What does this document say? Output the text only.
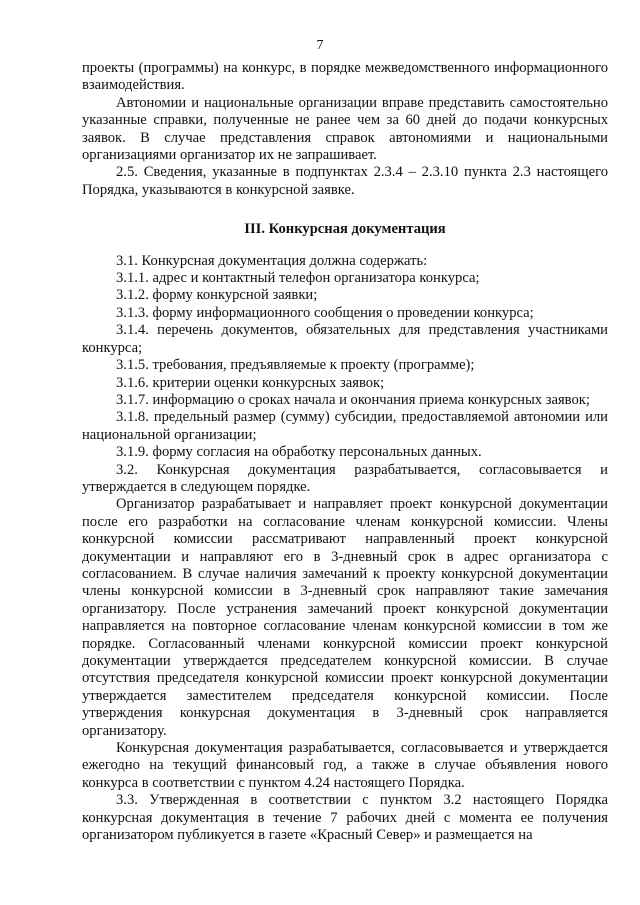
7

проекты (программы) на конкурс, в порядке межведомственного информационного взаимодействия.

Автономии и национальные организации вправе представить самостоятельно указанные справки, полученные не ранее чем за 60 дней до подачи конкурсных заявок. В случае представления справок автономиями и национальными организациями организатор их не запрашивает.

2.5. Сведения, указанные в подпунктах 2.3.4 – 2.3.10 пункта 2.3 настоящего Порядка, указываются в конкурсной заявке.

III. Конкурсная документация

3.1. Конкурсная документация должна содержать:

3.1.1. адрес и контактный телефон организатора конкурса;

3.1.2. форму конкурсной заявки;

3.1.3. форму информационного сообщения о проведении конкурса;

3.1.4. перечень документов, обязательных для представления участниками конкурса;

3.1.5. требования, предъявляемые к проекту (программе);

3.1.6. критерии оценки конкурсных заявок;

3.1.7. информацию о сроках начала и окончания приема конкурсных заявок;

3.1.8. предельный размер (сумму) субсидии, предоставляемой автономии или национальной организации;

3.1.9. форму согласия на обработку персональных данных.

3.2. Конкурсная документация разрабатывается, согласовывается и утверждается в следующем порядке.

Организатор разрабатывает и направляет проект конкурсной документации после его разработки на согласование членам конкурсной комиссии. Члены конкурсной комиссии рассматривают направленный проект конкурсной документации и направляют его в 3-дневный срок в адрес организатора с согласованием. В случае наличия замечаний к проекту конкурсной документации члены конкурсной комиссии в 3-дневный срок направляют такие замечания организатору. После устранения замечаний проект конкурсной документации направляется на повторное согласование членам конкурсной комиссии в том же порядке. Согласованный членами конкурсной комиссии проект конкурсной документации утверждается председателем конкурсной комиссии. В случае отсутствия председателя конкурсной комиссии проект конкурсной документации утверждается заместителем председателя конкурсной комиссии. После утверждения конкурсная документация в 3-дневный срок направляется организатору.

Конкурсная документация разрабатывается, согласовывается и утверждается ежегодно на текущий финансовый год, а также в случае объявления нового конкурса в соответствии с пунктом 4.24 настоящего Порядка.

3.3. Утвержденная в соответствии с пунктом 3.2 настоящего Порядка конкурсная документация в течение 7 рабочих дней с момента ее получения организатором публикуется в газете «Красный Север» и размещается на
